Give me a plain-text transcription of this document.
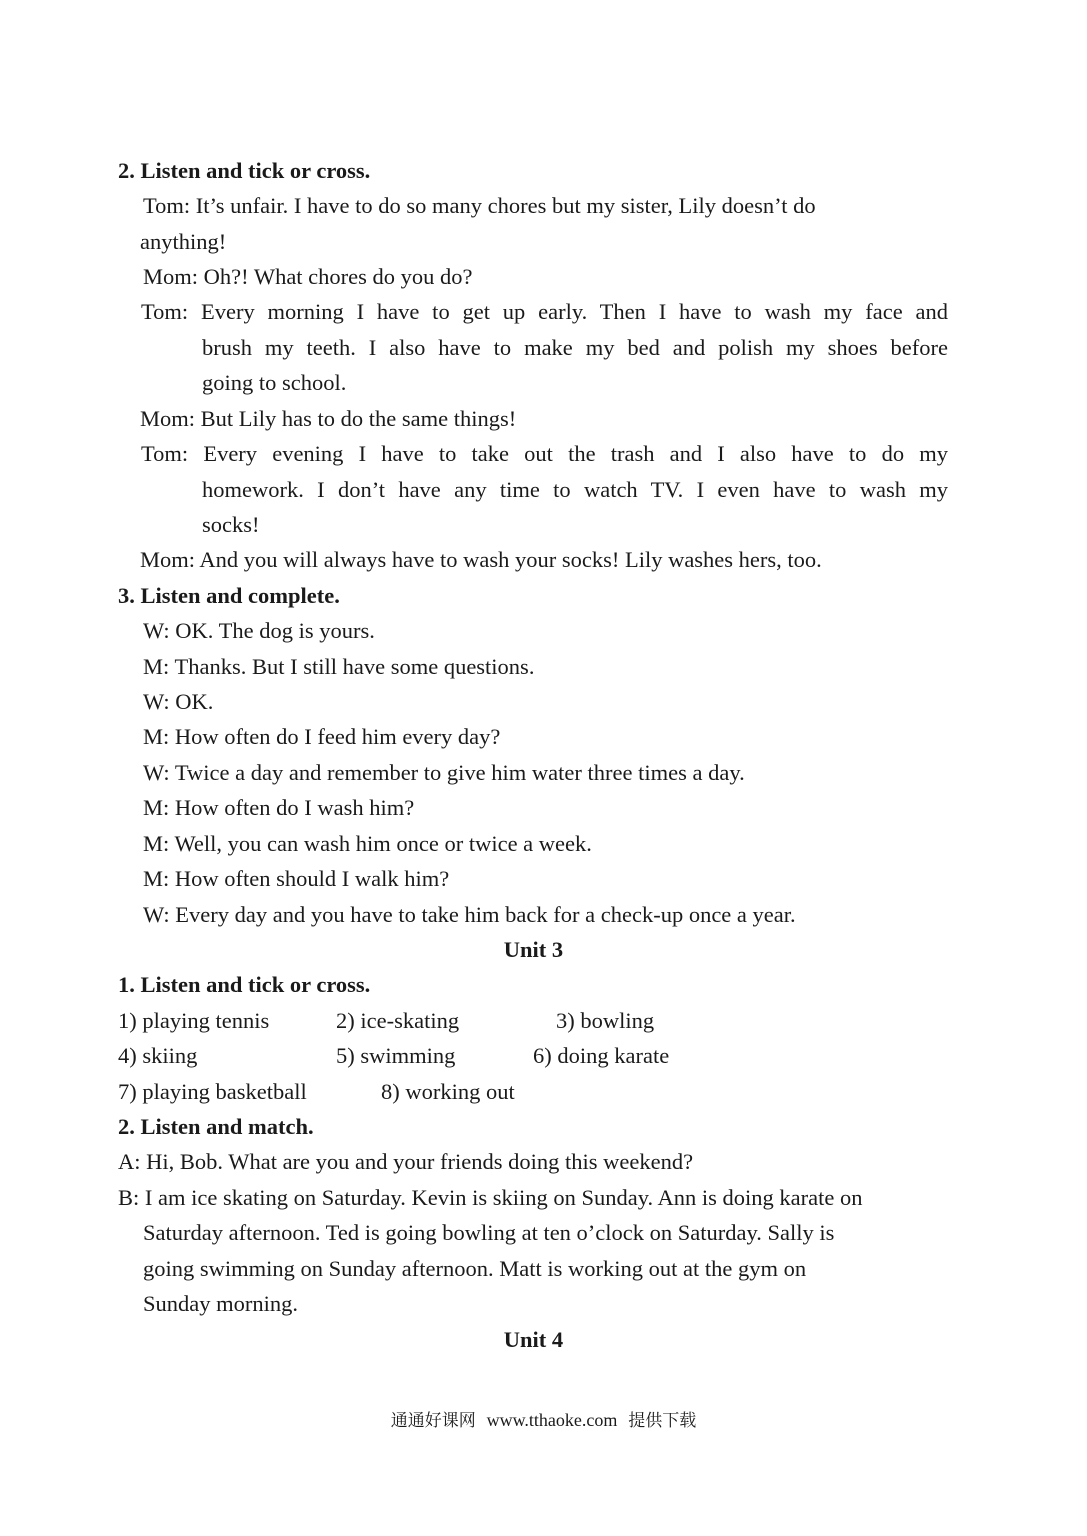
2. Listen and tick or cross.
Tom: It’s unfair. I have to do so many chores but my sister, Lily doesn’t do
anything!
Mom: Oh?! What chores do you do?
Tom: Every morning I have to get up early. Then I have to wash my face and
brush my teeth. I also have to make my bed and polish my shoes before
going to school.
Mom: But Lily has to do the same things!
Tom: Every evening I have to take out the trash and I also have to do my
homework. I don’t have any time to watch TV. I even have to wash my
socks!
Mom: And you will always have to wash your socks! Lily washes hers, too.
3. Listen and complete.
W: OK. The dog is yours.
M: Thanks. But I still have some questions.
W: OK.
M: How often do I feed him every day?
W: Twice a day and remember to give him water three times a day.
M: How often do I wash him?
M: Well, you can wash him once or twice a week.
M: How often should I walk him?
W: Every day and you have to take him back for a check-up once a year.
Unit 3
1. Listen and tick or cross.
1) playing tennis	2) ice-skating	3) bowling
4) skiing	5) swimming	6) doing karate
7) playing basketball	8) working out
2. Listen and match.
A: Hi, Bob. What are you and your friends doing this weekend?
B: I am ice skating on Saturday. Kevin is skiing on Sunday. Ann is doing karate on
Saturday afternoon. Ted is going bowling at ten o’clock on Saturday. Sally is
going swimming on Sunday afternoon. Matt is working out at the gym on
Sunday morning.
Unit 4
通通好课网 www.tthaoke.com 提供下载
